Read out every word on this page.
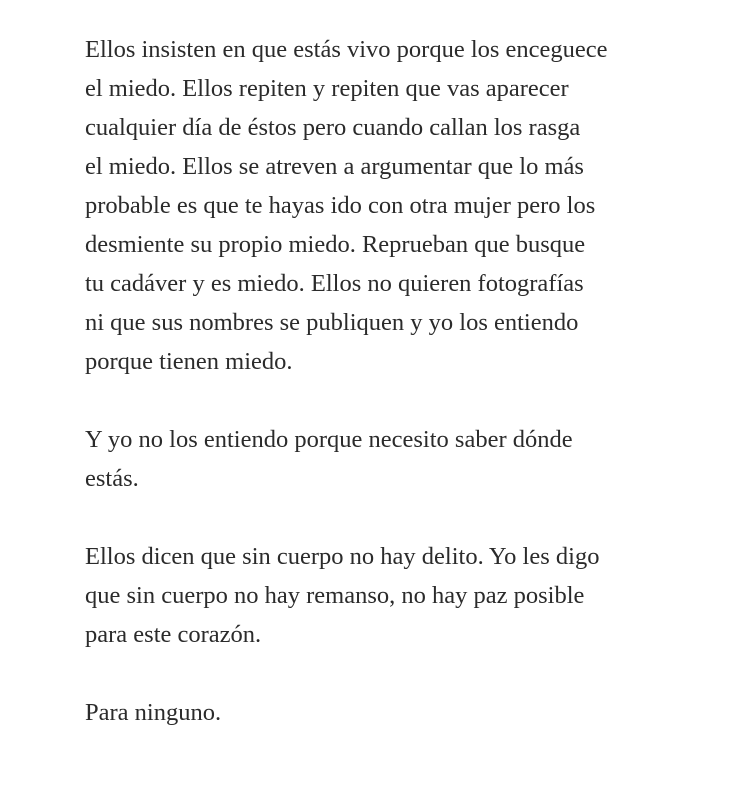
Ellos insisten en que estás vivo porque los enceguece
el miedo. Ellos repiten y repiten que vas aparecer
cualquier día de éstos pero cuando callan los rasga
el miedo. Ellos se atreven a argumentar que lo más
probable es que te hayas ido con otra mujer pero los
desmiente su propio miedo. Reprueban que busque
tu cadáver y es miedo. Ellos no quieren fotografías
ni que sus nombres se publiquen y yo los entiendo
porque tienen miedo.

Y yo no los entiendo porque necesito saber dónde
estás.

Ellos dicen que sin cuerpo no hay delito. Yo les digo
que sin cuerpo no hay remanso, no hay paz posible
para este corazón.

Para ninguno.
